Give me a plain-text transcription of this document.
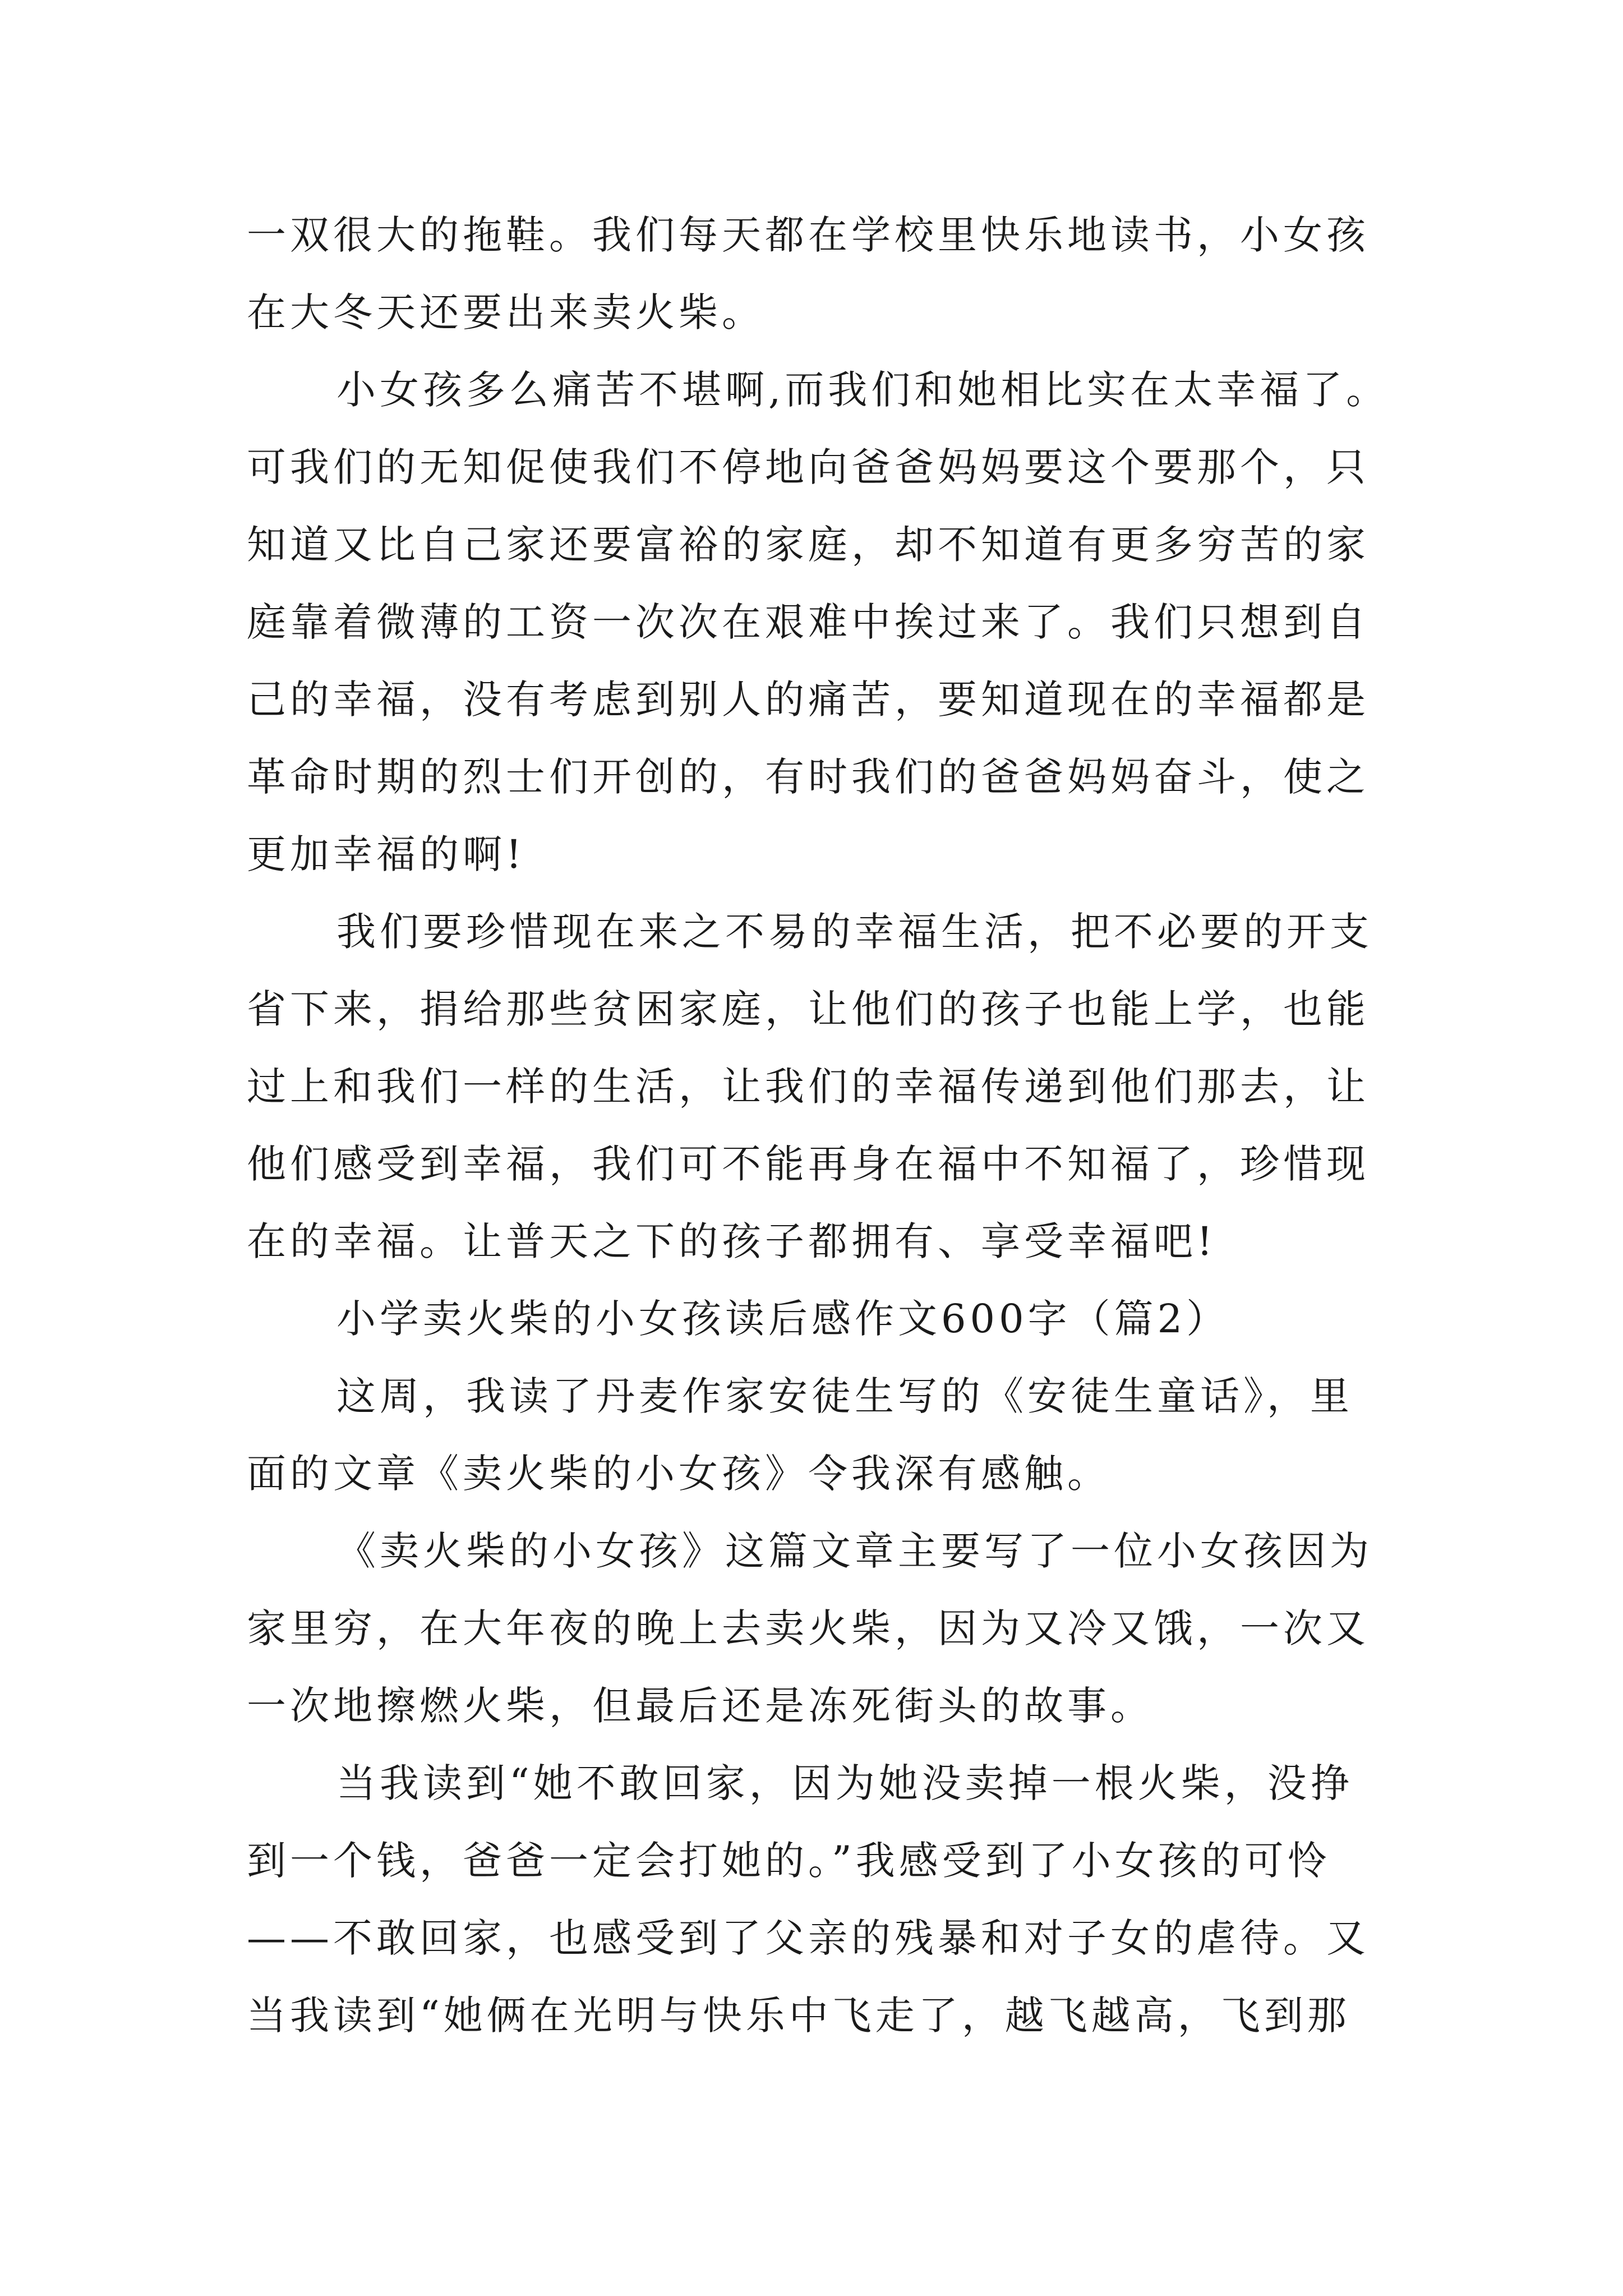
一双很大的拖鞋。我们每天都在学校里快乐地读书，小女孩
在大冬天还要出来卖火柴。
小女孩多么痛苦不堪啊,而我们和她相比实在太幸福了。
可我们的无知促使我们不停地向爸爸妈妈要这个要那个，只
知道又比自己家还要富裕的家庭，却不知道有更多穷苦的家
庭靠着微薄的工资一次次在艰难中挨过来了。我们只想到自
己的幸福，没有考虑到别人的痛苦，要知道现在的幸福都是
革命时期的烈士们开创的，有时我们的爸爸妈妈奋斗，使之
更加幸福的啊!
我们要珍惜现在来之不易的幸福生活，把不必要的开支
省下来，捐给那些贫困家庭，让他们的孩子也能上学，也能
过上和我们一样的生活，让我们的幸福传递到他们那去，让
他们感受到幸福，我们可不能再身在福中不知福了，珍惜现
在的幸福。让普天之下的孩子都拥有、享受幸福吧!
小学卖火柴的小女孩读后感作文600字（篇2）
这周，我读了丹麦作家安徒生写的《安徒生童话》，里
面的文章《卖火柴的小女孩》令我深有感触。
《卖火柴的小女孩》这篇文章主要写了一位小女孩因为
家里穷，在大年夜的晚上去卖火柴，因为又冷又饿，一次又
一次地擦燃火柴，但最后还是冻死街头的故事。
当我读到“她不敢回家，因为她没卖掉一根火柴，没挣
到一个钱，爸爸一定会打她的。”我感受到了小女孩的可怜
——不敢回家，也感受到了父亲的残暴和对子女的虐待。又
当我读到“她俩在光明与快乐中飞走了，越飞越高，飞到那
